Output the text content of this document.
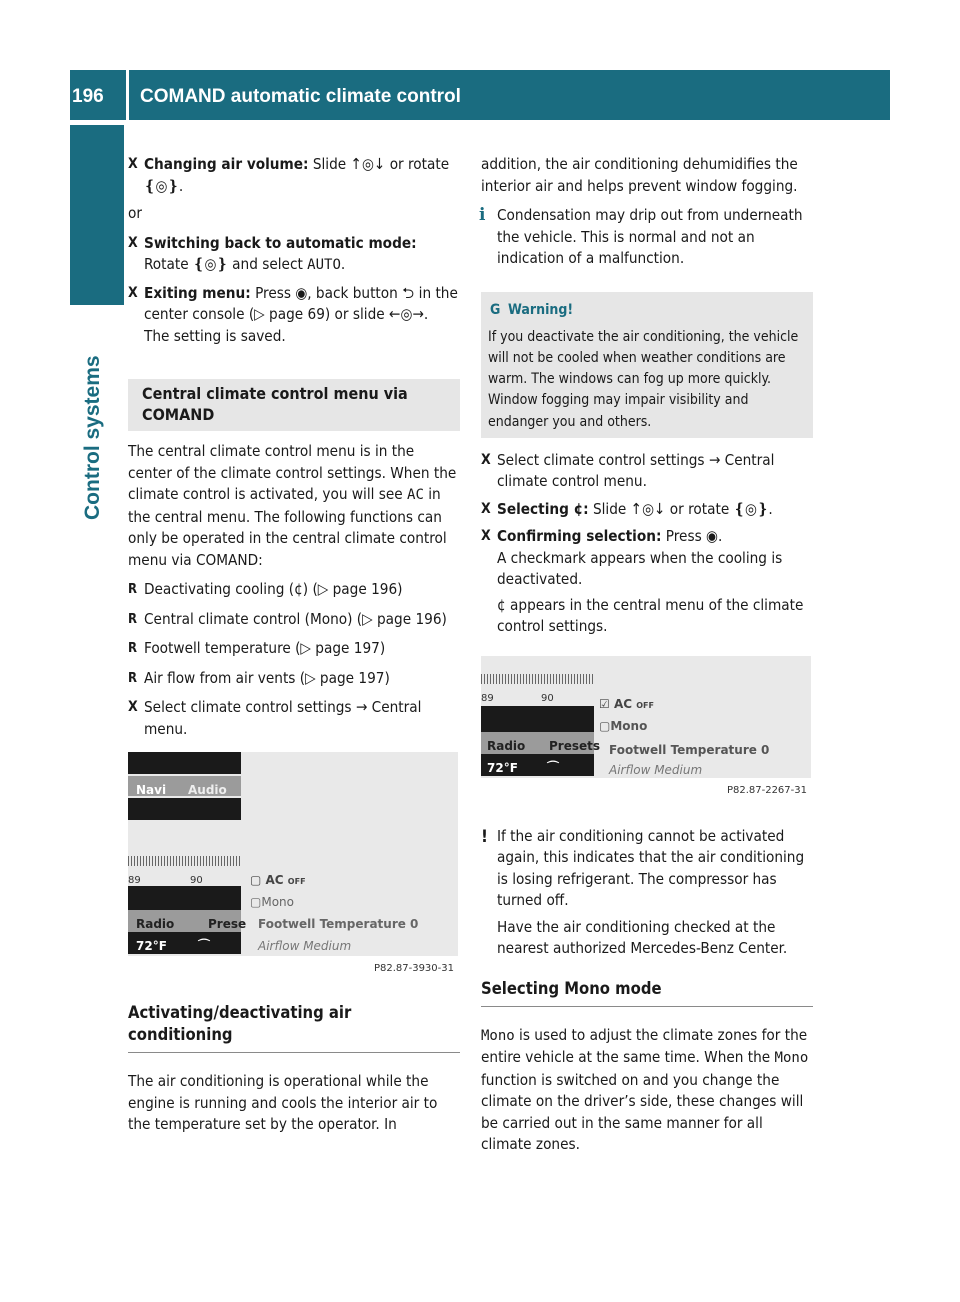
196	COMAND automatic climate control
Control systems
X Changing air volume: Slide ↑◎↓ or rotate ❴◎❵.

or

X Switching back to automatic mode: Rotate ❴◎❵ and select AUTO.
X Exiting menu: Press ◉, back button ⮌ in the center console (▷ page 69) or slide ←◎→.
The setting is saved.
Central climate control menu via COMAND

The central climate control menu is in the center of the climate control settings. When the climate control is activated, you will see AC in the central menu. The following functions can only be operated in the central climate control menu via COMAND:

R Deactivating cooling (¢) (▷ page 196)
R Central climate control (Mono) (▷ page 196)
R Footwell temperature (▷ page 197)
R Air flow from air vents (▷ page 197)
X Select climate control settings → Central menu.
Navi Audio
89	90
Radio	Prese
72°F	⌒
▢ AC OFF
▢Mono
Footwell Temperature 0
Airflow Medium
P82.87-3930-31
Activating/deactivating air conditioning

The air conditioning is operational while the engine is running and cools the interior air to the temperature set by the operator. In

addition, the air conditioning dehumidifies the interior air and helps prevent window fogging.

i Condensation may drip out from underneath the vehicle. This is normal and not an indication of a malfunction.
G Warning!
If you deactivate the air conditioning, the vehicle will not be cooled when weather conditions are warm. The windows can fog up more quickly. Window fogging may impair visibility and endanger you and others.
X Select climate control settings → Central climate control menu.
X Selecting ¢: Slide ↑◎↓ or rotate ❴◎❵.
X Confirming selection: Press ◉.
A checkmark appears when the cooling is deactivated.
¢ appears in the central menu of the climate control settings.
89	90
Radio Presets
72°F ⌒
☑ AC OFF
▢Mono
Footwell Temperature 0
Airflow Medium
P82.87-2267-31
! If the air conditioning cannot be activated again, this indicates that the air conditioning is losing refrigerant. The compressor has turned off.
Have the air conditioning checked at the nearest authorized Mercedes-Benz Center.
Selecting Mono mode

Mono is used to adjust the climate zones for the entire vehicle at the same time. When the Mono function is switched on and you change the climate on the driver’s side, these changes will be carried out in the same manner for all climate zones.
